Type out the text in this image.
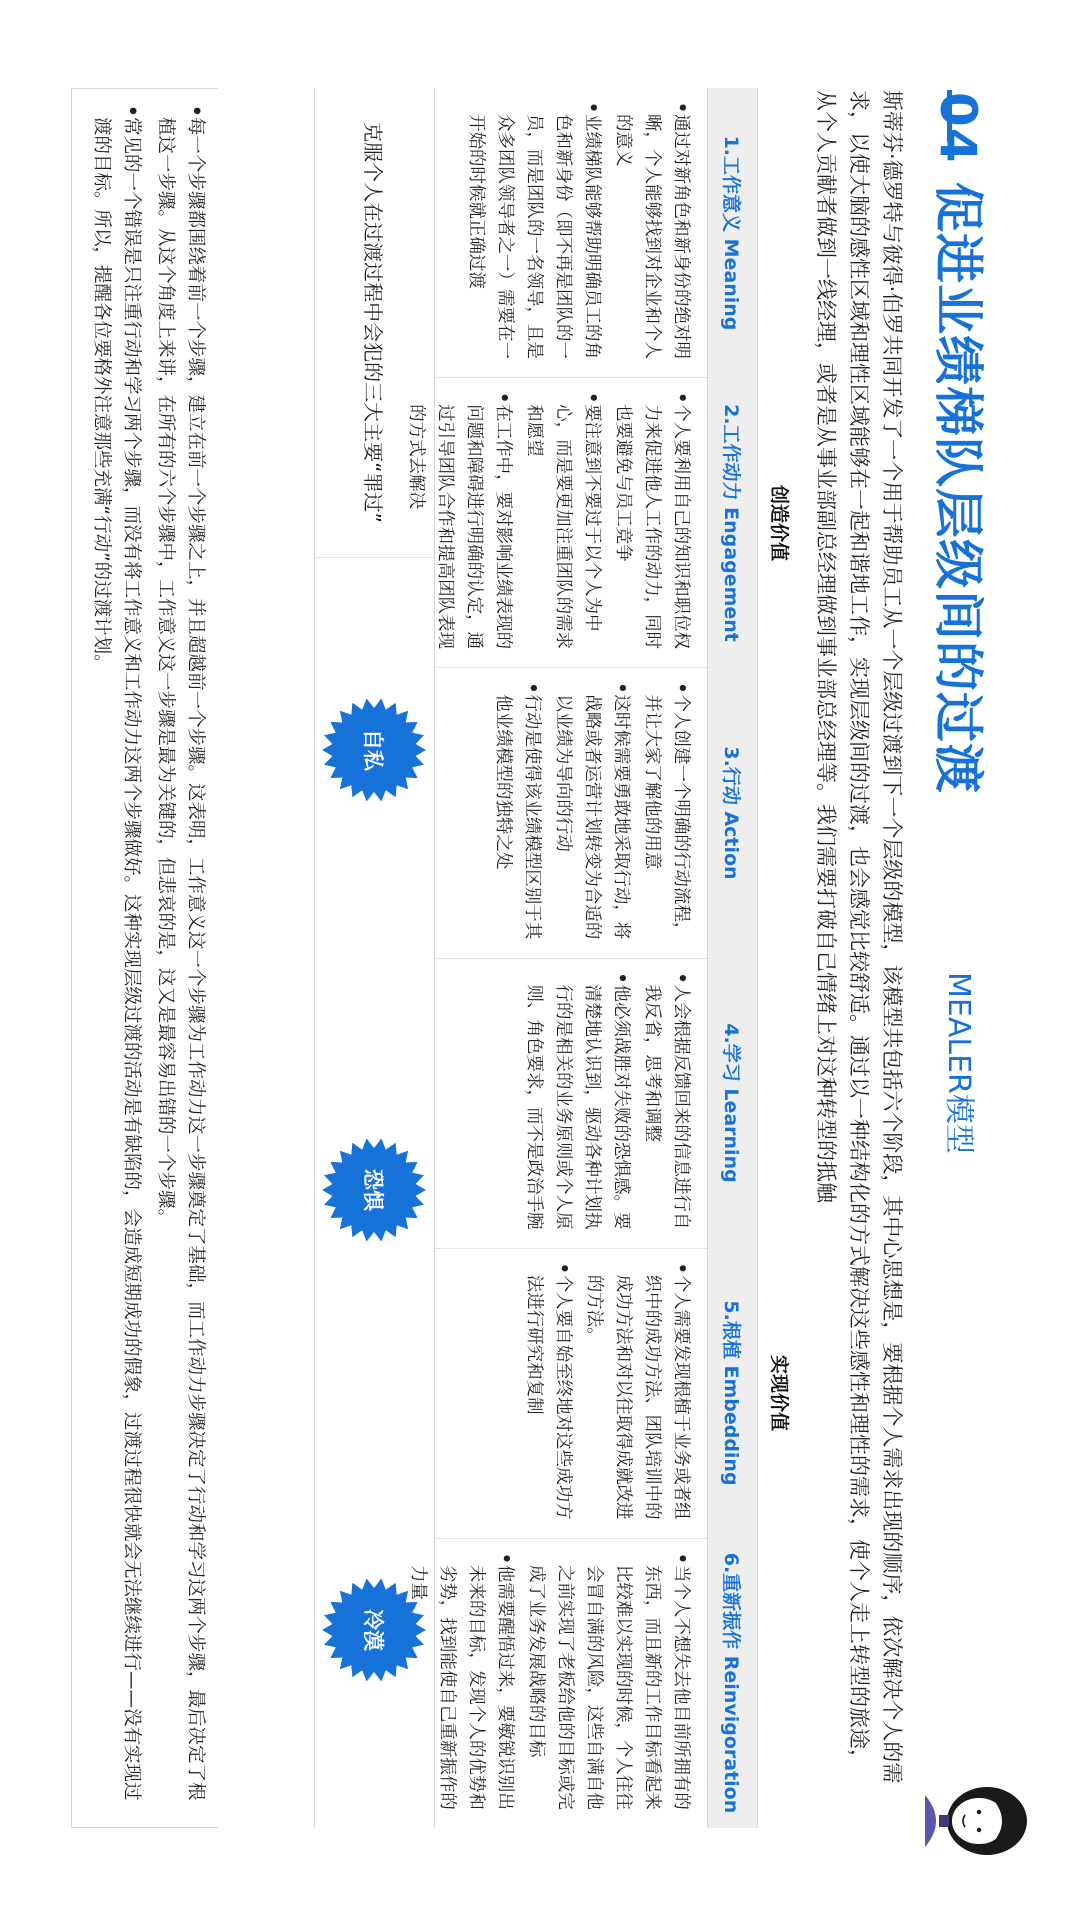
04 促进业绩梯队层级间的过渡
MEALER模型
斯蒂芬·德罗特与彼得·伯罗共同开发了一个用于帮助员工从一个层级过渡到下一个层级的模型，该模型共包括六个阶段，其中心思想是，要根据个人需求出现的顺序，依次解决个人的需求，以使大脑的感性区域和理性区域能够在一起和谐地工作，实现层级间的过渡，也会感觉比较舒适。通过以一种结构化的方式解决这些感性和理性的需求，使个人走上转型的旅途，从个人贡献者做到一线经理，或者是从事业部副总经理做到事业部总经理等。我们需要打破自己情绪上对这种转型的抵触
创造价值
实现价值
1.工作意义 Meaning
2.工作动力 Engagement
3.行动 Action
4.学习 Learning
5.根植 Embedding
6.重新振作 Reinvigoration
•
通过对新角色和新身份的绝对明晰，个人能够找到对企业和个人的意义
•
业绩梯队能够帮助明确员工的角色和新身份（即不再是团队的一员，而是团队的一名领导，且是众多团队领导者之一）需要在一开始的时候就正确过渡
•
个人要利用自己的知识和职位权力来促进他人工作的动力，同时也要避免与员工竞争
•
要注意到不要过于以个人为中心，而是要更加注重团队的需求和愿望
•
在工作中，要对影响业绩表现的问题和障碍进行明确的认定，通过引导团队合作和提高团队表现的方式去解决
•
个人创建一个明确的行动流程，并让大家了解他的用意
•
这时候需要勇敢地采取行动，将战略或者运营计划转变为合适的以业绩为导向的行动
•
行动是使得该业绩模型区别于其他业绩模型的独特之处
•
人会根据反馈回来的信息进行自我反省，思考和调整
•
他必须战胜对失败的恐惧感。要清楚地认识到，驱动各种计划执行的是相关的业务原则或个人原则、角色要求，而不是政治手腕
•
个人需要发现根植于业务或者组织中的成功方法、团队培训中的成功方法和对以往取得成就改进的方法。
•
个人要自始至终地对这些成功方法进行研究和复制
•
当个人不想失去他目前所拥有的东西，而且新的工作目标看起来比较难以实现的时候，个人往往会冒自满的风险，这些自满自他之前实现了老板给他的目标或完成了业务发展战略的目标
•
他需要醒悟过来，要敏锐识别出未来的目标，发现个人的优势和劣势，找到能使自己重新振作的力量
克服个人在过渡过程中会犯的三大主要“罪过”
自私
恐惧
冷漠
•
每一个步骤都围绕着前一个步骤，建立在前一个步骤之上，并且超越前一个步骤。这表明，工作意义这一个步骤为工作动力这一步骤奠定了基础，而工作动力步骤决定了行动和学习这两个步骤，最后决定了根植这一步骤。从这个角度上来讲，在所有的六个步骤中，工作意义这一步骤是最为关键的，但悲哀的是，这又是最容易出错的一个步骤。
•
常见的一个错误是只注重行动和学习两个步骤，而没有将工作意义和工作动力这两个步骤做好。这种实现层级过渡的活动是有缺陷的，会造成短期成功的假象，过渡过程很快就会无法继续进行——没有实现过渡的目标。所以，提醒各位要格外注意那些充满“行动”的过渡计划。
